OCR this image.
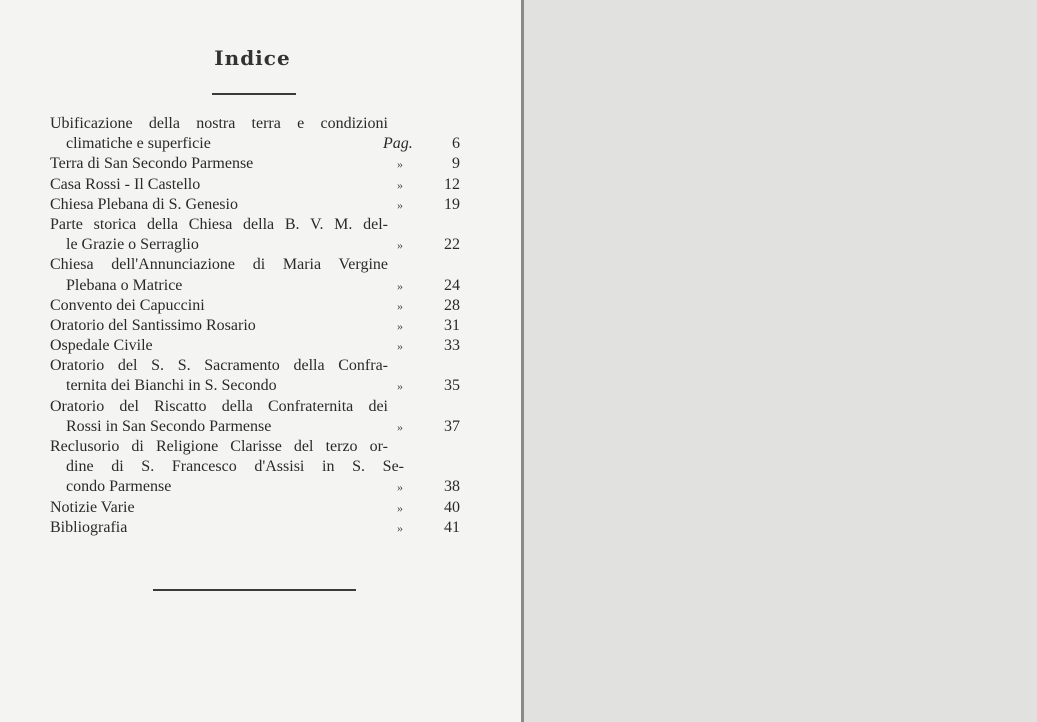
Indice
Ubificazione della nostra terra e condizioni
climatiche e superficie	Pag.	6
Terra di San Secondo Parmense	»	9
Casa Rossi - Il Castello	»	12
Chiesa Plebana di S. Genesio	»	19
Parte storica della Chiesa della B. V. M. del-
le Grazie o Serraglio	»	22
Chiesa dell'Annunciazione di Maria Vergine
Plebana o Matrice	»	24
Convento dei Capuccini	»	28
Oratorio del Santissimo Rosario	»	31
Ospedale Civile	»	33
Oratorio del S. S. Sacramento della Confra-
ternita dei Bianchi in S. Secondo	»	35
Oratorio del Riscatto della Confraternita dei
Rossi in San Secondo Parmense	»	37
Reclusorio di Religione Clarisse del terzo or-
dine di S. Francesco d'Assisi in S. Se-
condo Parmense	»	38
Notizie Varie	»	40
Bibliografia	»	41
